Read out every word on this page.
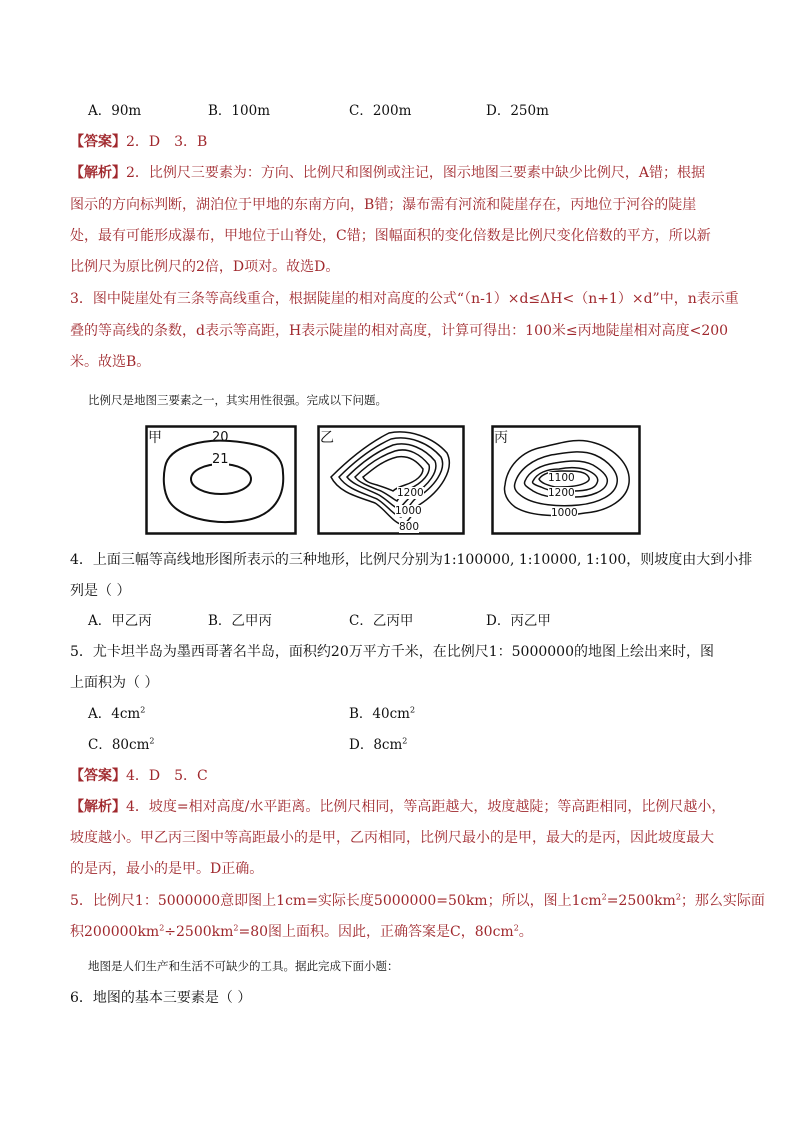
A．90m	B．100m	C．200m	D．250m
【答案】2．D　3．B
【解析】2．比例尺三要素为：方向、比例尺和图例或注记，图示地图三要素中缺少比例尺，A错；根据
图示的方向标判断，湖泊位于甲地的东南方向，B错；瀑布需有河流和陡崖存在，丙地位于河谷的陡崖
处，最有可能形成瀑布，甲地位于山脊处，C错；图幅面积的变化倍数是比例尺变化倍数的平方，所以新
比例尺为原比例尺的2倍，D项对。故选D。
3．图中陡崖处有三条等高线重合，根据陡崖的相对高度的公式“（n-1）×d≤ΔH<（n+1）×d”中，n表示重
叠的等高线的条数，d表示等高距，H表示陡崖的相对高度，计算可得出：100米≤丙地陡崖相对高度<200
米。故选B。
比例尺是地图三要素之一，其实用性很强。完成以下问题。
甲	20
21
乙
1200
1000
800
丙
1100
1200
1000
4．上面三幅等高线地形图所表示的三种地形，比例尺分别为1:100000, 1:10000, 1:100，则坡度由大到小排
列是（ ）
A．甲乙丙	B．乙甲丙	C．乙丙甲	D．丙乙甲
5．尤卡坦半岛为墨西哥著名半岛，面积约20万平方千米，在比例尺1：5000000的地图上绘出来时，图
上面积为（ ）
A．$4cm^2$	B．$40cm^2$
C．$80cm^2$	D．$8cm^2$
【答案】4．D　5．C
【解析】4．坡度=相对高度/水平距离。比例尺相同，等高距越大，坡度越陡；等高距相同，比例尺越小，
坡度越小。甲乙丙三图中等高距最小的是甲，乙丙相同，比例尺最小的是甲，最大的是丙，因此坡度最大
的是丙，最小的是甲。D正确。
5．比例尺1：5000000意即图上1cm=实际长度5000000=50km；所以，图上$1cm^2=2500km^2$；那么实际面
积$200000km^2\div 2500km^2=80$图上面积。因此，正确答案是C，$80cm^2$。
地图是人们生产和生活不可缺少的工具。据此完成下面小题：
6．地图的基本三要素是（ ）
